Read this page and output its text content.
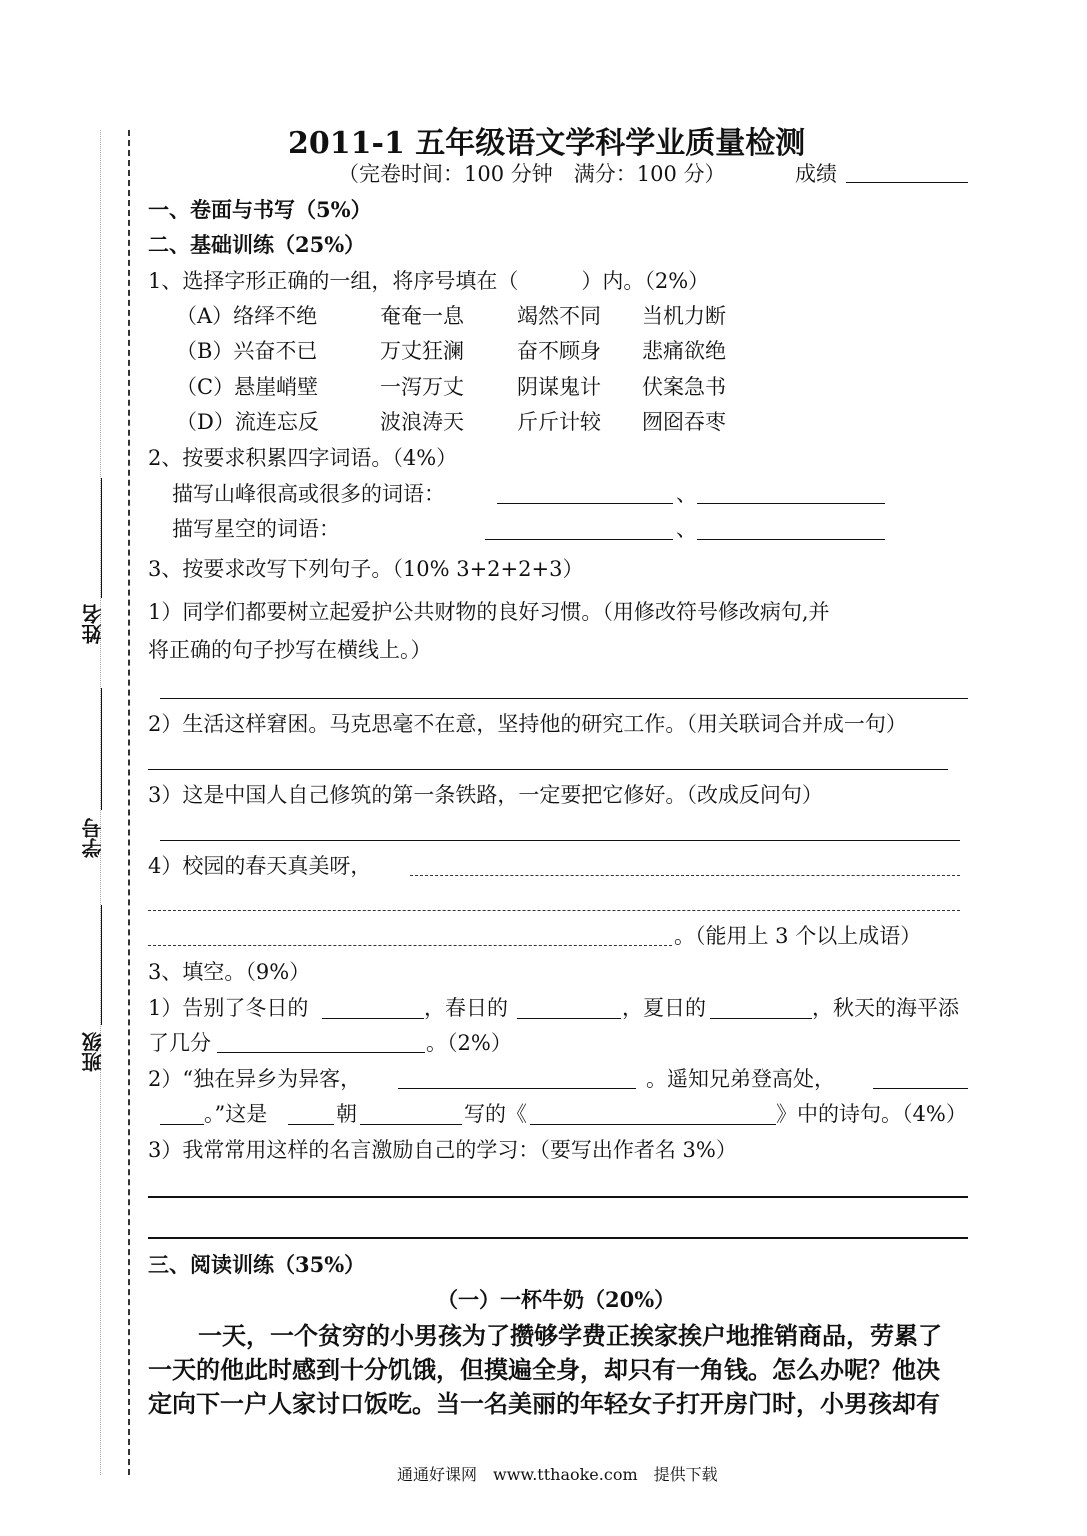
姓名
学号
班级
2011-1 五年级语文学科学业质量检测
（完卷时间：100 分钟　满分：100 分）	成绩
一、卷面与书写（5%）
二、基础训练（25%）
1、选择字形正确的一组，将序号填在（　　　）内。（2%）
（A）络绎不绝	奄奄一息	竭然不同 当机力断
（B）兴奋不已	万丈狂澜	奋不顾身 悲痛欲绝
（C）悬崖峭壁	一泻万丈	阴谋鬼计 伏案急书
（D）流连忘反	波浪涛天	斤斤计较 囫囵吞枣
2、按要求积累四字词语。（4%）
描写山峰很高或很多的词语：	、
描写星空的词语：	、
3、按要求改写下列句子。（10% 3+2+2+3）
1）同学们都要树立起爱护公共财物的良好习惯。（用修改符号修改病句,并
将正确的句子抄写在横线上。）
2）生活这样窘困。马克思毫不在意，坚持他的研究工作。（用关联词合并成一句）
3）这是中国人自己修筑的第一条铁路，一定要把它修好。（改成反问句）
4）校园的春天真美呀，
。（能用上 3 个以上成语）
3、填空。（9%）
1）告别了冬日的	，春日的	，夏日的	，秋天的海平添
了几分	。（2%）
2）“独在异乡为异客，	。遥知兄弟登高处，
。”这是	朝	写的《	》中的诗句。（4%）
3）我常常用这样的名言激励自己的学习：（要写出作者名 3%）
三、阅读训练（35%）
（一）一杯牛奶（20%）
一天，一个贫穷的小男孩为了攒够学费正挨家挨户地推销商品，劳累了
一天的他此时感到十分饥饿，但摸遍全身，却只有一角钱。怎么办呢？他决
定向下一户人家讨口饭吃。当一名美丽的年轻女子打开房门时，小男孩却有
通通好课网　www.tthaoke.com　提供下载
